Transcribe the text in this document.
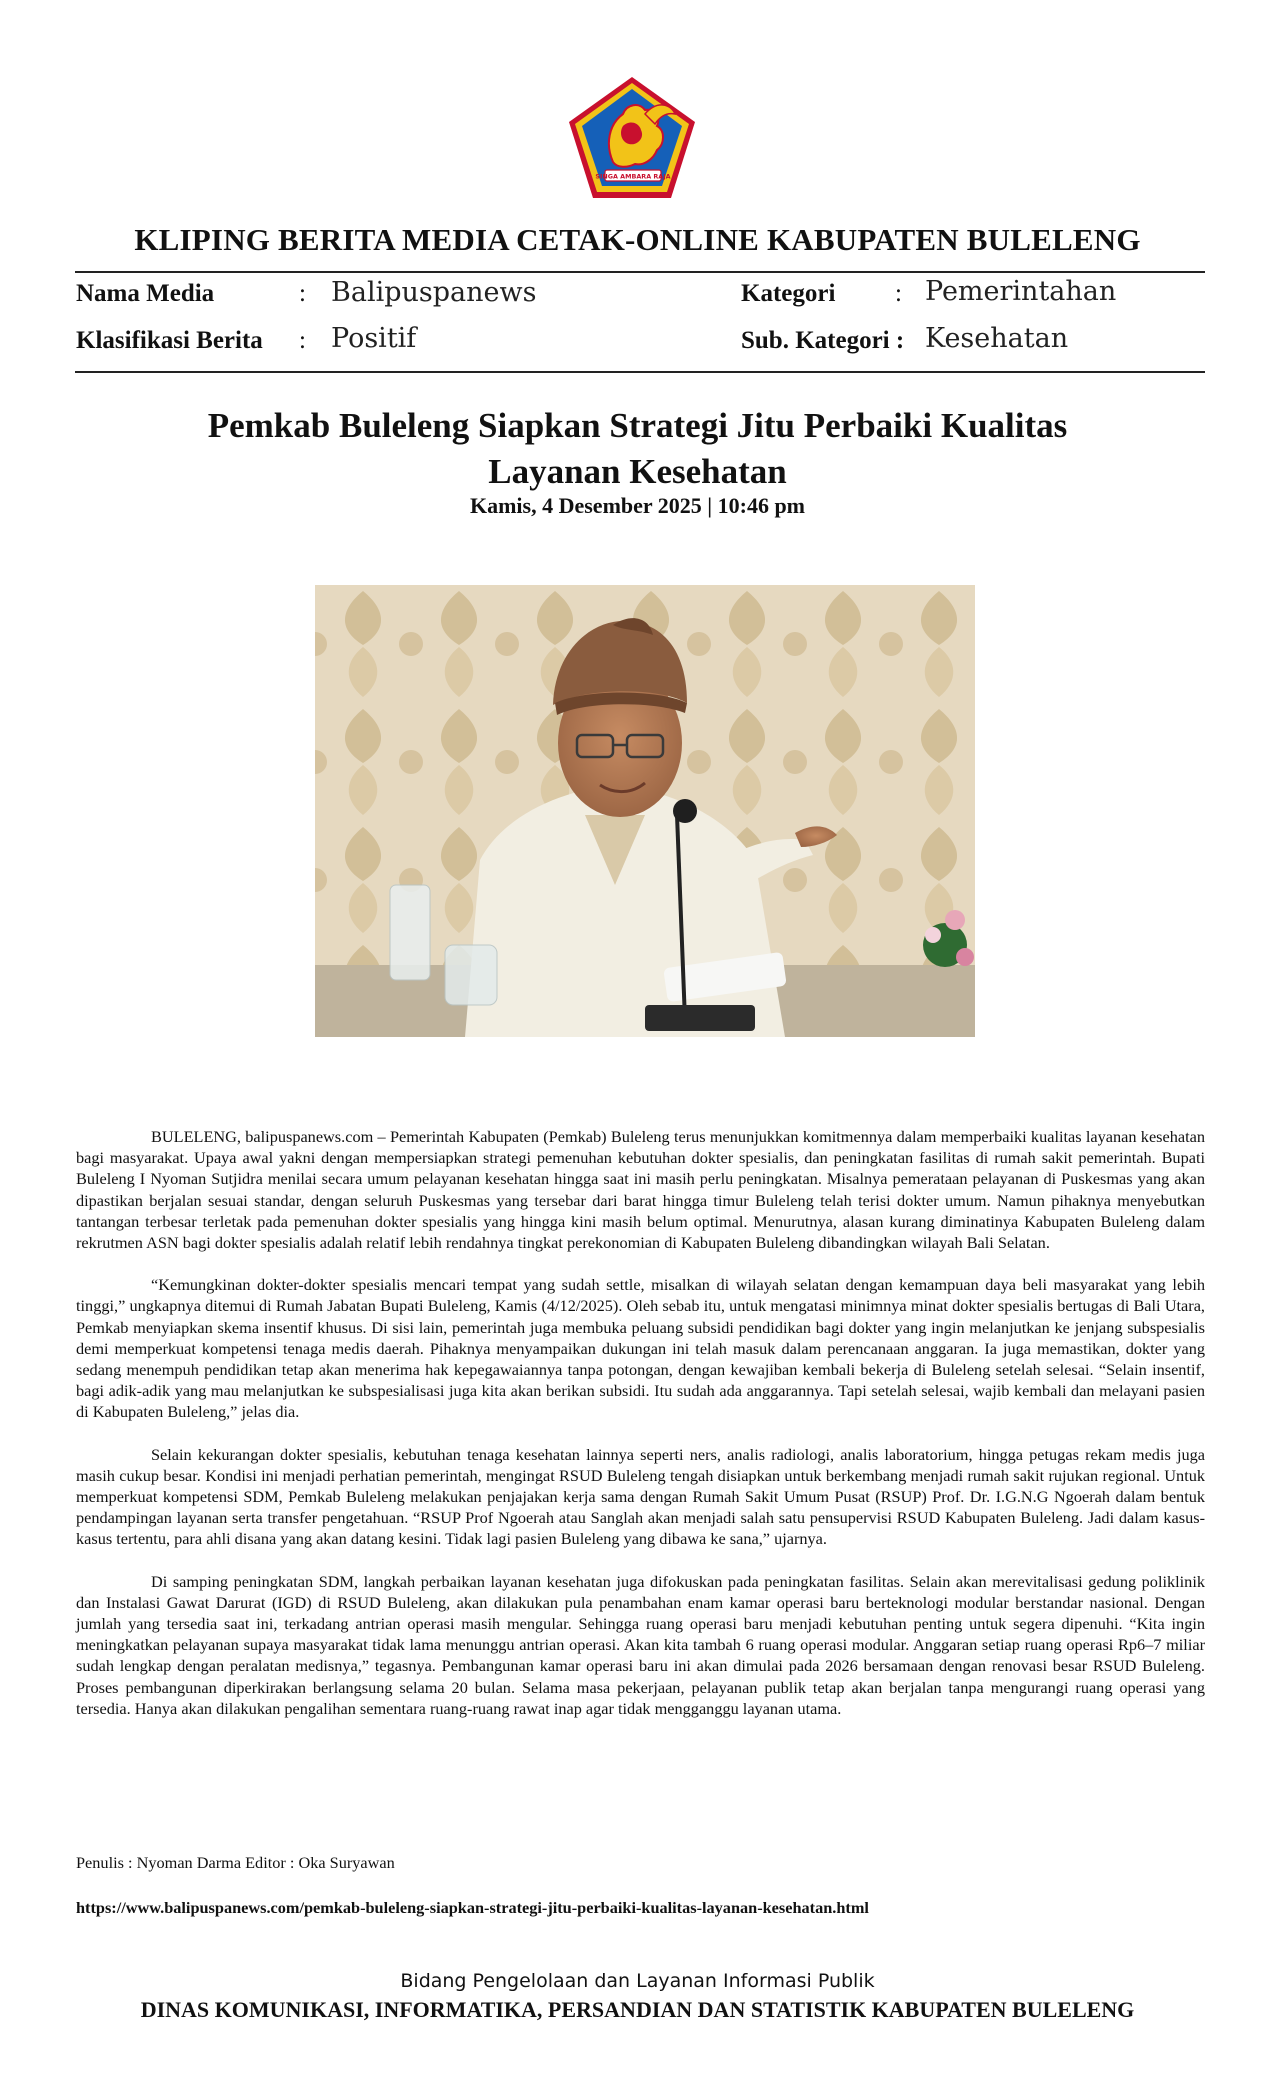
SINGA AMBARA RAJA
KLIPING BERITA MEDIA CETAK-ONLINE KABUPATEN BULELENG
Nama Media	: Balipuspanews	Kategori : Pemerintahan
Klasifikasi Berita : Positif	Sub. Kategori : Kesehatan
Pemkab Buleleng Siapkan Strategi Jitu Perbaiki Kualitas
Layanan Kesehatan
Kamis, 4 Desember 2025 | 10:46 pm

BULELENG, balipuspanews.com – Pemerintah Kabupaten (Pemkab) Buleleng terus menunjukkan komitmennya dalam memperbaiki kualitas layanan kesehatan bagi masyarakat. Upaya awal yakni dengan mempersiapkan strategi pemenuhan kebutuhan dokter spesialis, dan peningkatan fasilitas di rumah sakit pemerintah. Bupati Buleleng I Nyoman Sutjidra menilai secara umum pelayanan kesehatan hingga saat ini masih perlu peningkatan. Misalnya pemerataan pelayanan di Puskesmas yang akan dipastikan berjalan sesuai standar, dengan seluruh Puskesmas yang tersebar dari barat hingga timur Buleleng telah terisi dokter umum. Namun pihaknya menyebutkan tantangan terbesar terletak pada pemenuhan dokter spesialis yang hingga kini masih belum optimal. Menurutnya, alasan kurang diminatinya Kabupaten Buleleng dalam rekrutmen ASN bagi dokter spesialis adalah relatif lebih rendahnya tingkat perekonomian di Kabupaten Buleleng dibandingkan wilayah Bali Selatan.

“Kemungkinan dokter-dokter spesialis mencari tempat yang sudah settle, misalkan di wilayah selatan dengan kemampuan daya beli masyarakat yang lebih tinggi,” ungkapnya ditemui di Rumah Jabatan Bupati Buleleng, Kamis (4/12/2025). Oleh sebab itu, untuk mengatasi minimnya minat dokter spesialis bertugas di Bali Utara, Pemkab menyiapkan skema insentif khusus. Di sisi lain, pemerintah juga membuka peluang subsidi pendidikan bagi dokter yang ingin melanjutkan ke jenjang subspesialis demi memperkuat kompetensi tenaga medis daerah. Pihaknya menyampaikan dukungan ini telah masuk dalam perencanaan anggaran. Ia juga memastikan, dokter yang sedang menempuh pendidikan tetap akan menerima hak kepegawaiannya tanpa potongan, dengan kewajiban kembali bekerja di Buleleng setelah selesai. “Selain insentif, bagi adik-adik yang mau melanjutkan ke subspesialisasi juga kita akan berikan subsidi. Itu sudah ada anggarannya. Tapi setelah selesai, wajib kembali dan melayani pasien di Kabupaten Buleleng,” jelas dia.

Selain kekurangan dokter spesialis, kebutuhan tenaga kesehatan lainnya seperti ners, analis radiologi, analis laboratorium, hingga petugas rekam medis juga masih cukup besar. Kondisi ini menjadi perhatian pemerintah, mengingat RSUD Buleleng tengah disiapkan untuk berkembang menjadi rumah sakit rujukan regional. Untuk memperkuat kompetensi SDM, Pemkab Buleleng melakukan penjajakan kerja sama dengan Rumah Sakit Umum Pusat (RSUP) Prof. Dr. I.G.N.G Ngoerah dalam bentuk pendampingan layanan serta transfer pengetahuan. “RSUP Prof Ngoerah atau Sanglah akan menjadi salah satu pensupervisi RSUD Kabupaten Buleleng. Jadi dalam kasus-kasus tertentu, para ahli disana yang akan datang kesini. Tidak lagi pasien Buleleng yang dibawa ke sana,” ujarnya.

Di samping peningkatan SDM, langkah perbaikan layanan kesehatan juga difokuskan pada peningkatan fasilitas. Selain akan merevitalisasi gedung poliklinik dan Instalasi Gawat Darurat (IGD) di RSUD Buleleng, akan dilakukan pula penambahan enam kamar operasi baru berteknologi modular berstandar nasional. Dengan jumlah yang tersedia saat ini, terkadang antrian operasi masih mengular. Sehingga ruang operasi baru menjadi kebutuhan penting untuk segera dipenuhi. “Kita ingin meningkatkan pelayanan supaya masyarakat tidak lama menunggu antrian operasi. Akan kita tambah 6 ruang operasi modular. Anggaran setiap ruang operasi Rp6–7 miliar sudah lengkap dengan peralatan medisnya,” tegasnya. Pembangunan kamar operasi baru ini akan dimulai pada 2026 bersamaan dengan renovasi besar RSUD Buleleng. Proses pembangunan diperkirakan berlangsung selama 20 bulan. Selama masa pekerjaan, pelayanan publik tetap akan berjalan tanpa mengurangi ruang operasi yang tersedia. Hanya akan dilakukan pengalihan sementara ruang-ruang rawat inap agar tidak mengganggu layanan utama.

Penulis : Nyoman Darma Editor : Oka Suryawan
https://www.balipuspanews.com/pemkab-buleleng-siapkan-strategi-jitu-perbaiki-kualitas-layanan-kesehatan.html
Bidang Pengelolaan dan Layanan Informasi Publik
DINAS KOMUNIKASI, INFORMATIKA, PERSANDIAN DAN STATISTIK KABUPATEN BULELENG
